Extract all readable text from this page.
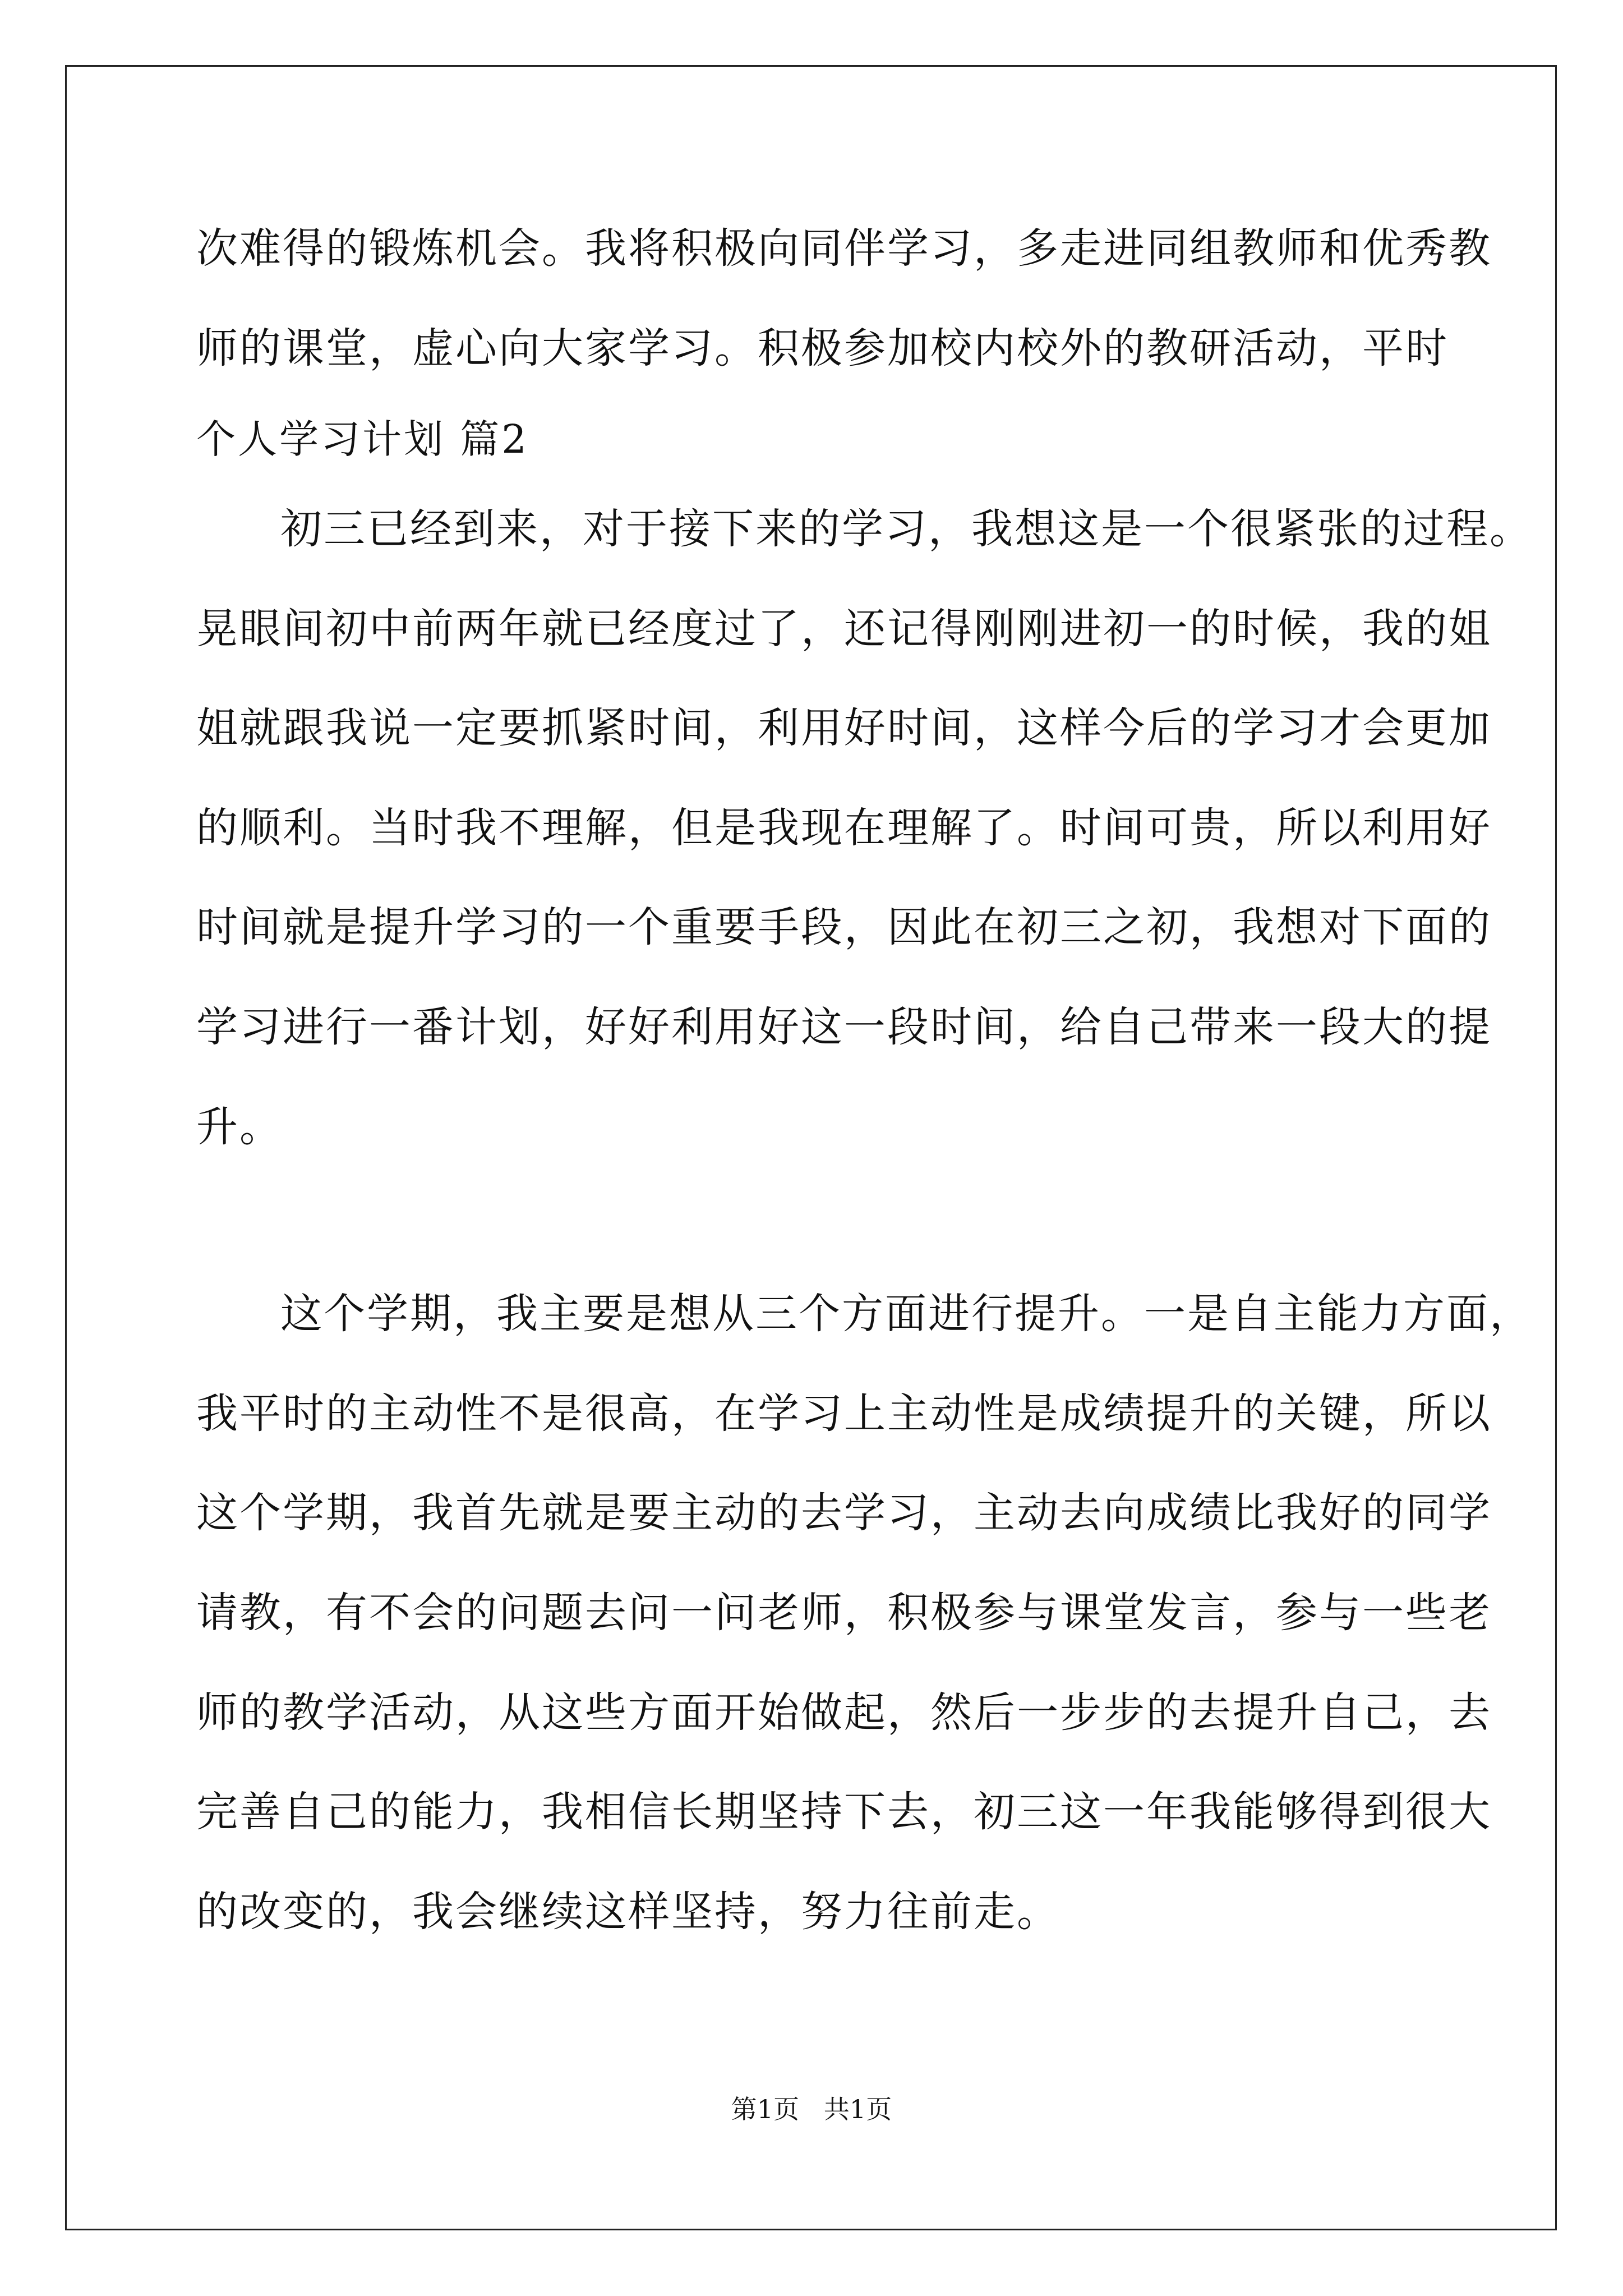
次难得的锻炼机会。我将积极向同伴学习，多走进同组教师和优秀教
师的课堂，虚心向大家学习。积极参加校内校外的教研活动，平时
个人学习计划 篇2
初三已经到来，对于接下来的学习，我想这是一个很紧张的过程。
晃眼间初中前两年就已经度过了，还记得刚刚进初一的时候，我的姐
姐就跟我说一定要抓紧时间，利用好时间，这样今后的学习才会更加
的顺利。当时我不理解，但是我现在理解了。时间可贵，所以利用好
时间就是提升学习的一个重要手段，因此在初三之初，我想对下面的
学习进行一番计划，好好利用好这一段时间，给自己带来一段大的提
升。
这个学期，我主要是想从三个方面进行提升。一是自主能力方面，
我平时的主动性不是很高，在学习上主动性是成绩提升的关键，所以
这个学期，我首先就是要主动的去学习，主动去向成绩比我好的同学
请教，有不会的问题去问一问老师，积极参与课堂发言，参与一些老
师的教学活动，从这些方面开始做起，然后一步步的去提升自己，去
完善自己的能力，我相信长期坚持下去，初三这一年我能够得到很大
的改变的，我会继续这样坚持，努力往前走。
第1页   共1页
